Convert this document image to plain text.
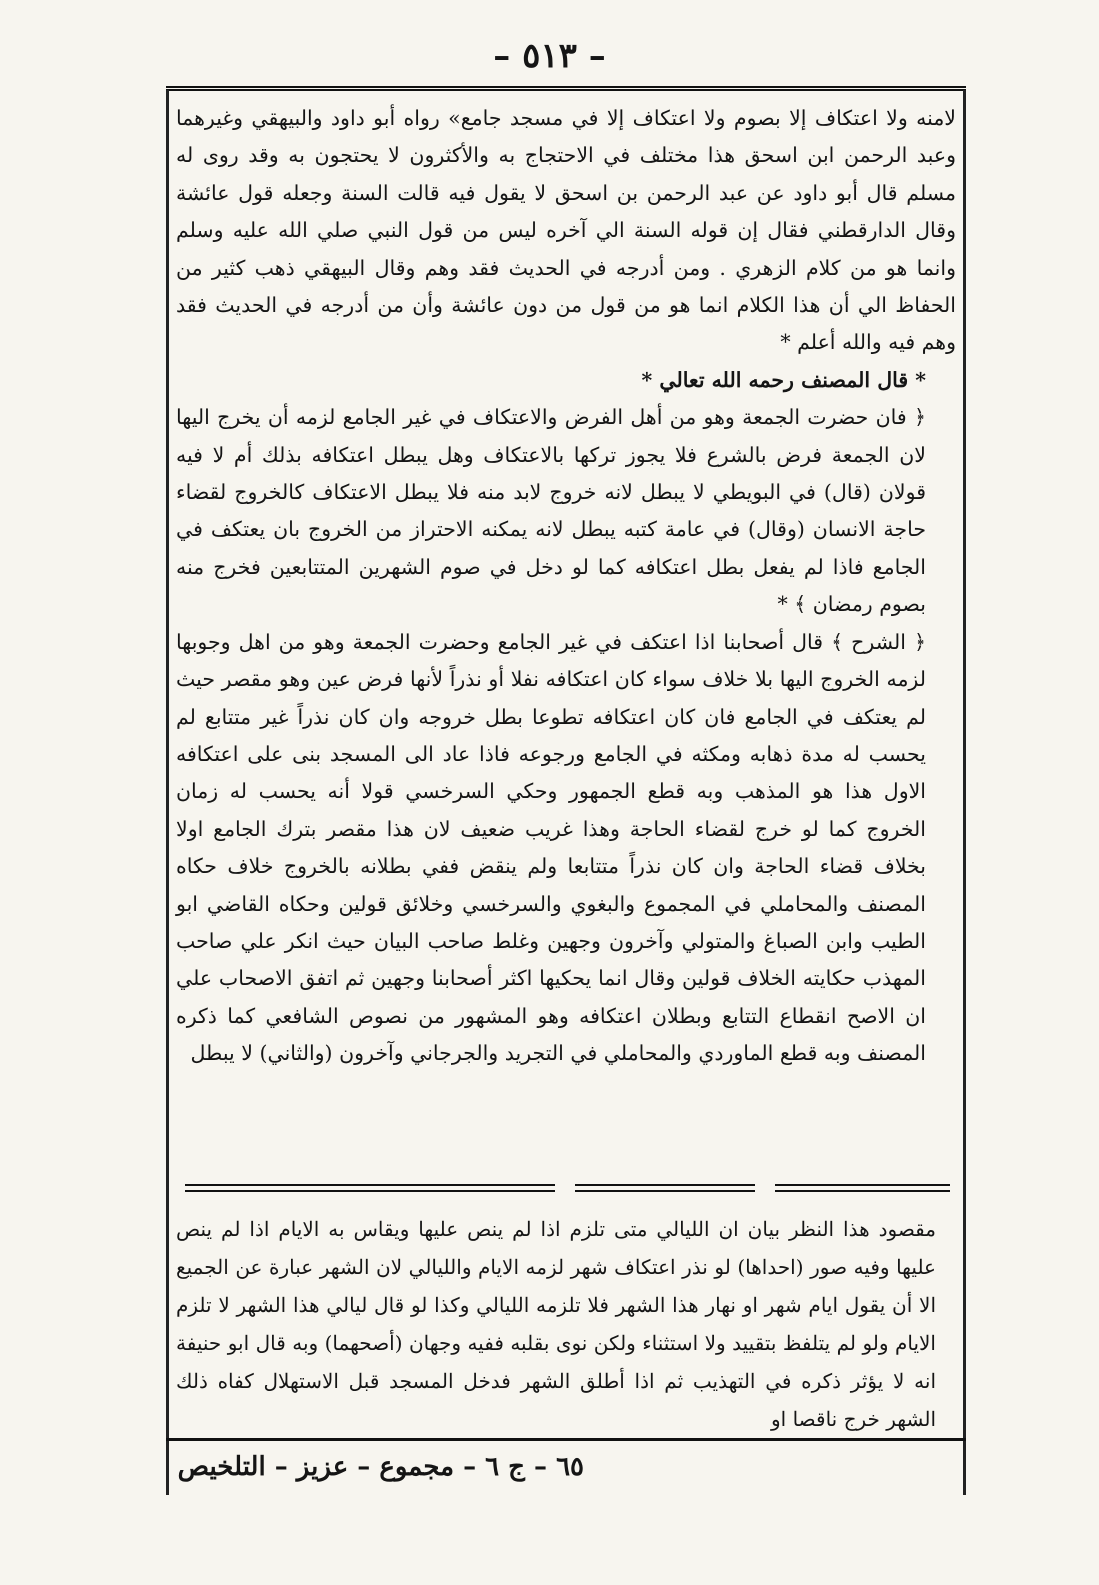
– ٥١٣ –

لامنه ولا اعتكاف إلا بصوم ولا اعتكاف إلا في مسجد جامع» رواه أبو داود والبيهقي وغيرهما وعبد الرحمن ابن اسحق هذا مختلف في الاحتجاج به والأكثرون لا يحتجون به وقد روى له مسلم قال أبو داود عن عبد الرحمن بن اسحق لا يقول فيه قالت السنة وجعله قول عائشة وقال الدارقطني فقال إن قوله السنة الي آخره ليس من قول النبي صلي الله عليه وسلم وانما هو من كلام الزهري . ومن أدرجه في الحديث فقد وهم وقال البيهقي ذهب كثير من الحفاظ الي أن هذا الكلام انما هو من قول من دون عائشة وأن من أدرجه في الحديث فقد وهم فيه والله أعلم *

* قال المصنف رحمه الله تعالي *

﴿ فان حضرت الجمعة وهو من أهل الفرض والاعتكاف في غير الجامع لزمه أن يخرج اليها لان الجمعة فرض بالشرع فلا يجوز تركها بالاعتكاف وهل يبطل اعتكافه بذلك أم لا فيه قولان (قال) في البويطي لا يبطل لانه خروج لابد منه فلا يبطل الاعتكاف كالخروج لقضاء حاجة الانسان (وقال) في عامة كتبه يبطل لانه يمكنه الاحتراز من الخروج بان يعتكف في الجامع فاذا لم يفعل بطل اعتكافه كما لو دخل في صوم الشهرين المتتابعين فخرج منه بصوم رمضان ﴾ *

﴿ الشرح ﴾ قال أصحابنا اذا اعتكف في غير الجامع وحضرت الجمعة وهو من اهل وجوبها لزمه الخروج اليها بلا خلاف سواء كان اعتكافه نفلا أو نذراً لأنها فرض عين وهو مقصر حيث لم يعتكف في الجامع فان كان اعتكافه تطوعا بطل خروجه وان كان نذراً غير متتابع لم يحسب له مدة ذهابه ومكثه في الجامع ورجوعه فاذا عاد الى المسجد بنى على اعتكافه الاول هذا هو المذهب وبه قطع الجمهور وحكي السرخسي قولا أنه يحسب له زمان الخروج كما لو خرج لقضاء الحاجة وهذا غريب ضعيف لان هذا مقصر بترك الجامع اولا بخلاف قضاء الحاجة وان كان نذراً متتابعا ولم ينقض ففي بطلانه بالخروج خلاف حكاه المصنف والمحاملي في المجموع والبغوي والسرخسي وخلائق قولين وحكاه القاضي ابو الطيب وابن الصباغ والمتولي وآخرون وجهين وغلط صاحب البيان حيث انكر علي صاحب المهذب حكايته الخلاف قولين وقال انما يحكيها اكثر أصحابنا وجهين ثم اتفق الاصحاب علي ان الاصح انقطاع التتابع وبطلان اعتكافه وهو المشهور من نصوص الشافعي كما ذكره المصنف وبه قطع الماوردي والمحاملي في التجريد والجرجاني وآخرون (والثاني) لا يبطل

مقصود هذا النظر بيان ان الليالي متى تلزم اذا لم ينص عليها ويقاس به الايام اذا لم ينص عليها وفيه صور (احداها) لو نذر اعتكاف شهر لزمه الايام والليالي لان الشهر عبارة عن الجميع الا أن يقول ايام شهر او نهار هذا الشهر فلا تلزمه الليالي وكذا لو قال ليالي هذا الشهر لا تلزم الايام ولو لم يتلفظ بتقييد ولا استثناء ولكن نوى بقلبه ففيه وجهان (أصحهما) وبه قال ابو حنيفة انه لا يؤثر ذكره في التهذيب ثم اذا أطلق الشهر فدخل المسجد قبل الاستهلال كفاه ذلك الشهر خرج ناقصا او

٦٥ – ج ٦ – مجموع – عزيز – التلخيص
